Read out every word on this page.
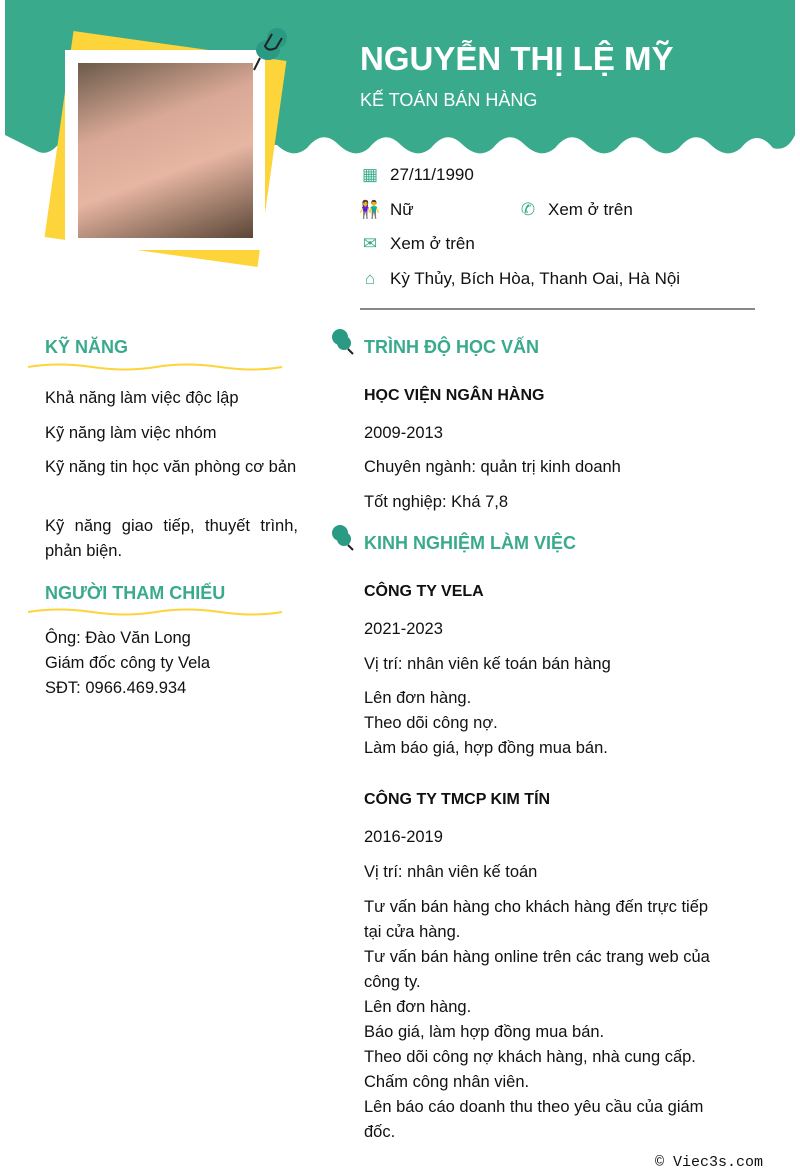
NGUYỄN THỊ LỆ MỸ
KẾ TOÁN BÁN HÀNG
▦ 27/11/1990
👫 Nữ	✆ Xem ở trên
✉ Xem ở trên
⌂ Kỳ Thủy, Bích Hòa, Thanh Oai, Hà Nội
KỸ NĂNG
Khả năng làm việc độc lập
Kỹ năng làm việc nhóm
Kỹ năng tin học văn phòng cơ bản
Kỹ năng giao tiếp, thuyết trình, phản biện.
NGƯỜI THAM CHIẾU
Ông: Đào Văn Long
Giám đốc công ty Vela
SĐT: 0966.469.934
TRÌNH ĐỘ HỌC VẤN
HỌC VIỆN NGÂN HÀNG
2009-2013
Chuyên ngành: quản trị kinh doanh
Tốt nghiệp: Khá 7,8
KINH NGHIỆM LÀM VIỆC
CÔNG TY VELA
2021-2023
Vị trí: nhân viên kế toán bán hàng
Lên đơn hàng.
Theo dõi công nợ.
Làm báo giá, hợp đồng mua bán.
CÔNG TY TMCP KIM TÍN
2016-2019
Vị trí: nhân viên kế toán
Tư vấn bán hàng cho khách hàng đến trực tiếp tại cửa hàng.
Tư vấn bán hàng online trên các trang web của công ty.
Lên đơn hàng.
Báo giá, làm hợp đồng mua bán.
Theo dõi công nợ khách hàng, nhà cung cấp.
Chấm công nhân viên.
Lên báo cáo doanh thu theo yêu cầu của giám đốc.
© Viec3s.com
